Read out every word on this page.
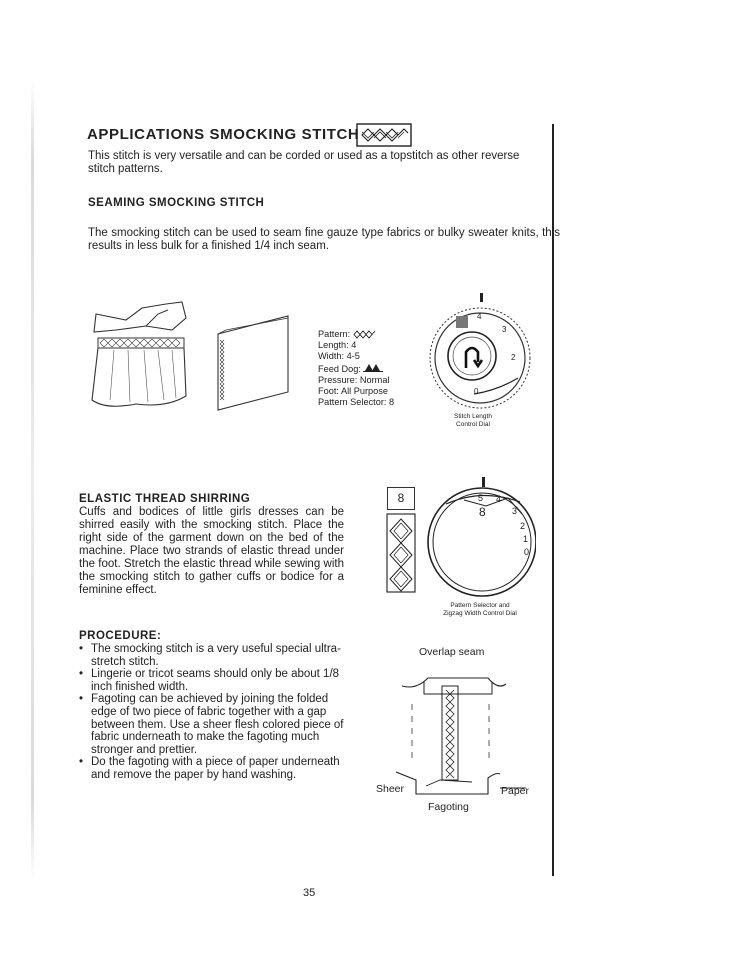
APPLICATIONS SMOCKING STITCH
This stitch is very versatile and can be corded or used as a topstitch as other reverse stitch patterns.
SEAMING SMOCKING STITCH
The smocking stitch can be used to seam fine gauze type fabrics or bulky sweater knits, this results in less bulk for a finished 1/4 inch seam.
Pattern:
Length: 4
Width: 4-5
Feed Dog:
Pressure: Normal
Foot: All Purpose
Pattern Selector: 8
4
3
2
0
Stitch Length
Control Dial
ELASTIC THREAD SHIRRING
Cuffs and bodices of little girls dresses can be shirred easily with the smocking stitch. Place the right side of the garment down on the bed of the machine. Place two strands of elastic thread under the foot. Stretch the elastic thread while sewing with the smocking stitch to gather cuffs or bodice for a feminine effect.
8	5 4
3
2
1
0
8
Pattern Selector and
Zigzag Width Control Dial
PROCEDURE:
• The smocking stitch is a very useful special ultra-stretch stitch.
• Lingerie or tricot seams should only be about 1/8 inch finished width.
• Fagoting can be achieved by joining the folded edge of two piece of fabric together with a gap between them. Use a sheer flesh colored piece of fabric underneath to make the fagoting much stronger and prettier.
• Do the fagoting with a piece of paper underneath and remove the paper by hand washing.
Overlap seam
Sheer	Paper
Fagoting
35
